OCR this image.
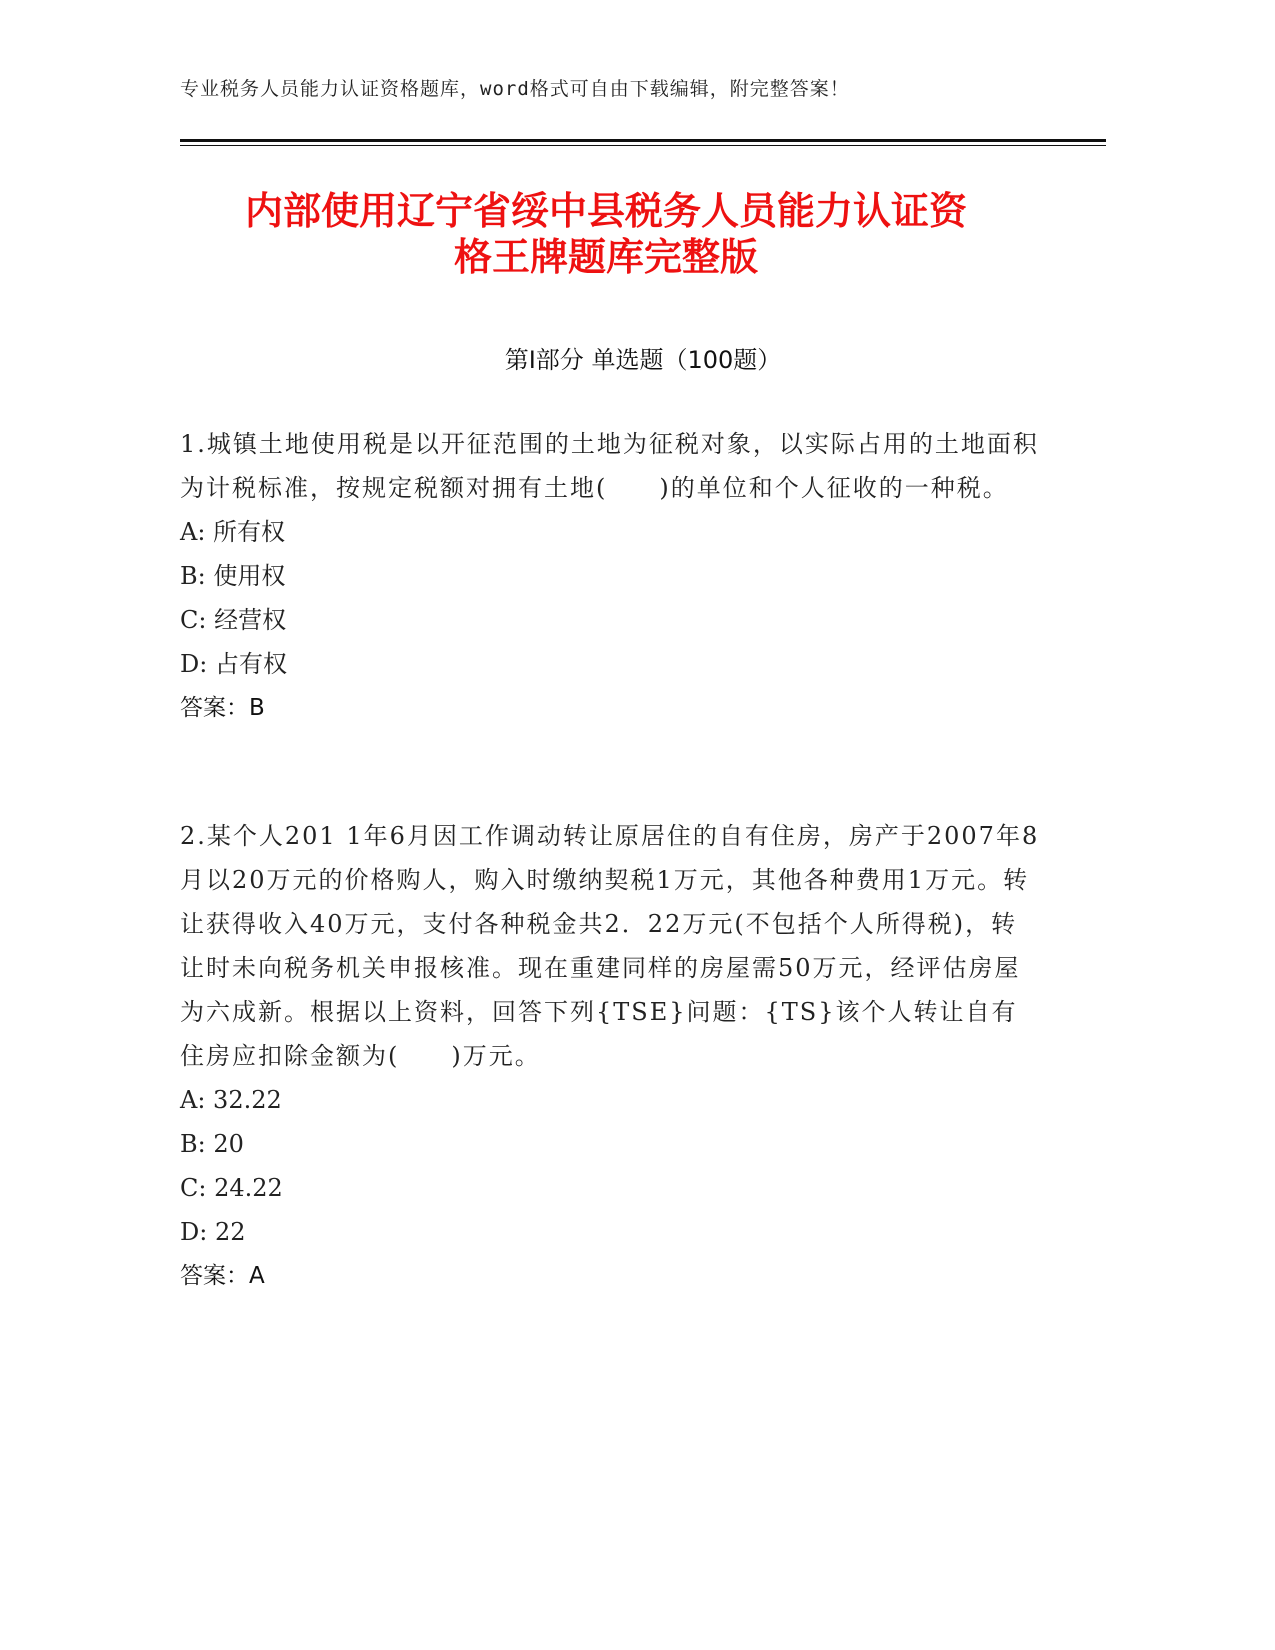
专业税务人员能力认证资格题库，word格式可自由下载编辑，附完整答案！
内部使用辽宁省绥中县税务人员能力认证资
格王牌题库完整版
第Ⅰ部分 单选题（100题）
1.城镇土地使用税是以开征范围的土地为征税对象，以实际占用的土地面积为计税标准，按规定税额对拥有土地(　　)的单位和个人征收的一种税。
A: 所有权
B: 使用权
C: 经营权
D: 占有权
答案：B
2.某个人201 1年6月因工作调动转让原居住的自有住房，房产于2007年8月以20万元的价格购人，购入时缴纳契税1万元，其他各种费用1万元。转让获得收入40万元，支付各种税金共2．22万元(不包括个人所得税)，转让时未向税务机关申报核准。现在重建同样的房屋需50万元，经评估房屋为六成新。根据以上资料，回答下列{TSE}问题：{TS}该个人转让自有住房应扣除金额为(　　)万元。
A: 32.22
B: 20
C: 24.22
D: 22
答案：A
